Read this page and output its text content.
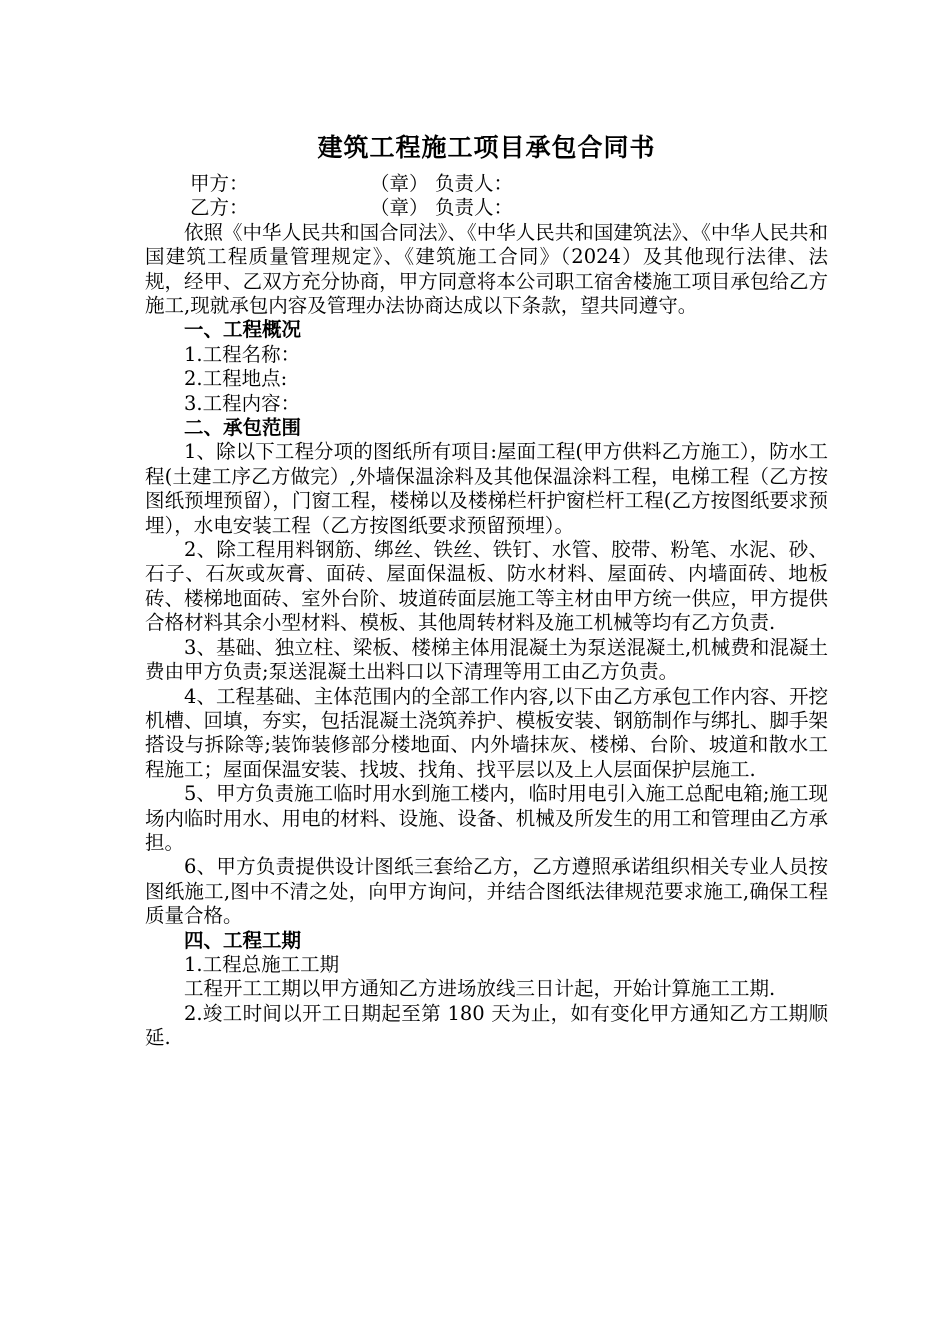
建筑工程施工项目承包合同书
甲方：	（章） 负责人：
乙方：	（章） 负责人：

依照《中华人民共和国合同法》、《中华人民共和国建筑法》、《中华人民共和国建筑工程质量管理规定》、《建筑施工合同》（2024）及其他现行法律、法规，经甲、乙双方充分协商，甲方同意将本公司职工宿舍楼施工项目承包给乙方施工,现就承包内容及管理办法协商达成以下条款，望共同遵守。

一、工程概况

1.工程名称：

2.工程地点:

3.工程内容：

二、承包范围

1、除以下工程分项的图纸所有项目:屋面工程(甲方供料乙方施工），防水工程(土建工序乙方做完）,外墙保温涂料及其他保温涂料工程，电梯工程（乙方按图纸预埋预留），门窗工程，楼梯以及楼梯栏杆护窗栏杆工程(乙方按图纸要求预埋），水电安装工程（乙方按图纸要求预留预埋）。

2、除工程用料钢筋、绑丝、铁丝、铁钉、水管、胶带、粉笔、水泥、砂、石子、石灰或灰膏、面砖、屋面保温板、防水材料、屋面砖、内墙面砖、地板砖、楼梯地面砖、室外台阶、坡道砖面层施工等主材由甲方统一供应，甲方提供合格材料其余小型材料、模板、其他周转材料及施工机械等均有乙方负责.

3、基础、独立柱、梁板、楼梯主体用混凝土为泵送混凝土,机械费和混凝土费由甲方负责;泵送混凝土出料口以下清理等用工由乙方负责。

4、工程基础、主体范围内的全部工作内容,以下由乙方承包工作内容、开挖机槽、回填，夯实，包括混凝土浇筑养护、模板安装、钢筋制作与绑扎、脚手架搭设与拆除等;装饰装修部分楼地面、内外墙抹灰、楼梯、台阶、坡道和散水工程施工；屋面保温安装、找坡、找角、找平层以及上人层面保护层施工.

5、甲方负责施工临时用水到施工楼内，临时用电引入施工总配电箱;施工现场内临时用水、用电的材料、设施、设备、机械及所发生的用工和管理由乙方承担。

6、甲方负责提供设计图纸三套给乙方，乙方遵照承诺组织相关专业人员按图纸施工,图中不清之处，向甲方询问，并结合图纸法律规范要求施工,确保工程质量合格。

四、工程工期

1.工程总施工工期

工程开工工期以甲方通知乙方进场放线三日计起，开始计算施工工期.

2.竣工时间以开工日期起至第 180 天为止，如有变化甲方通知乙方工期顺延.
